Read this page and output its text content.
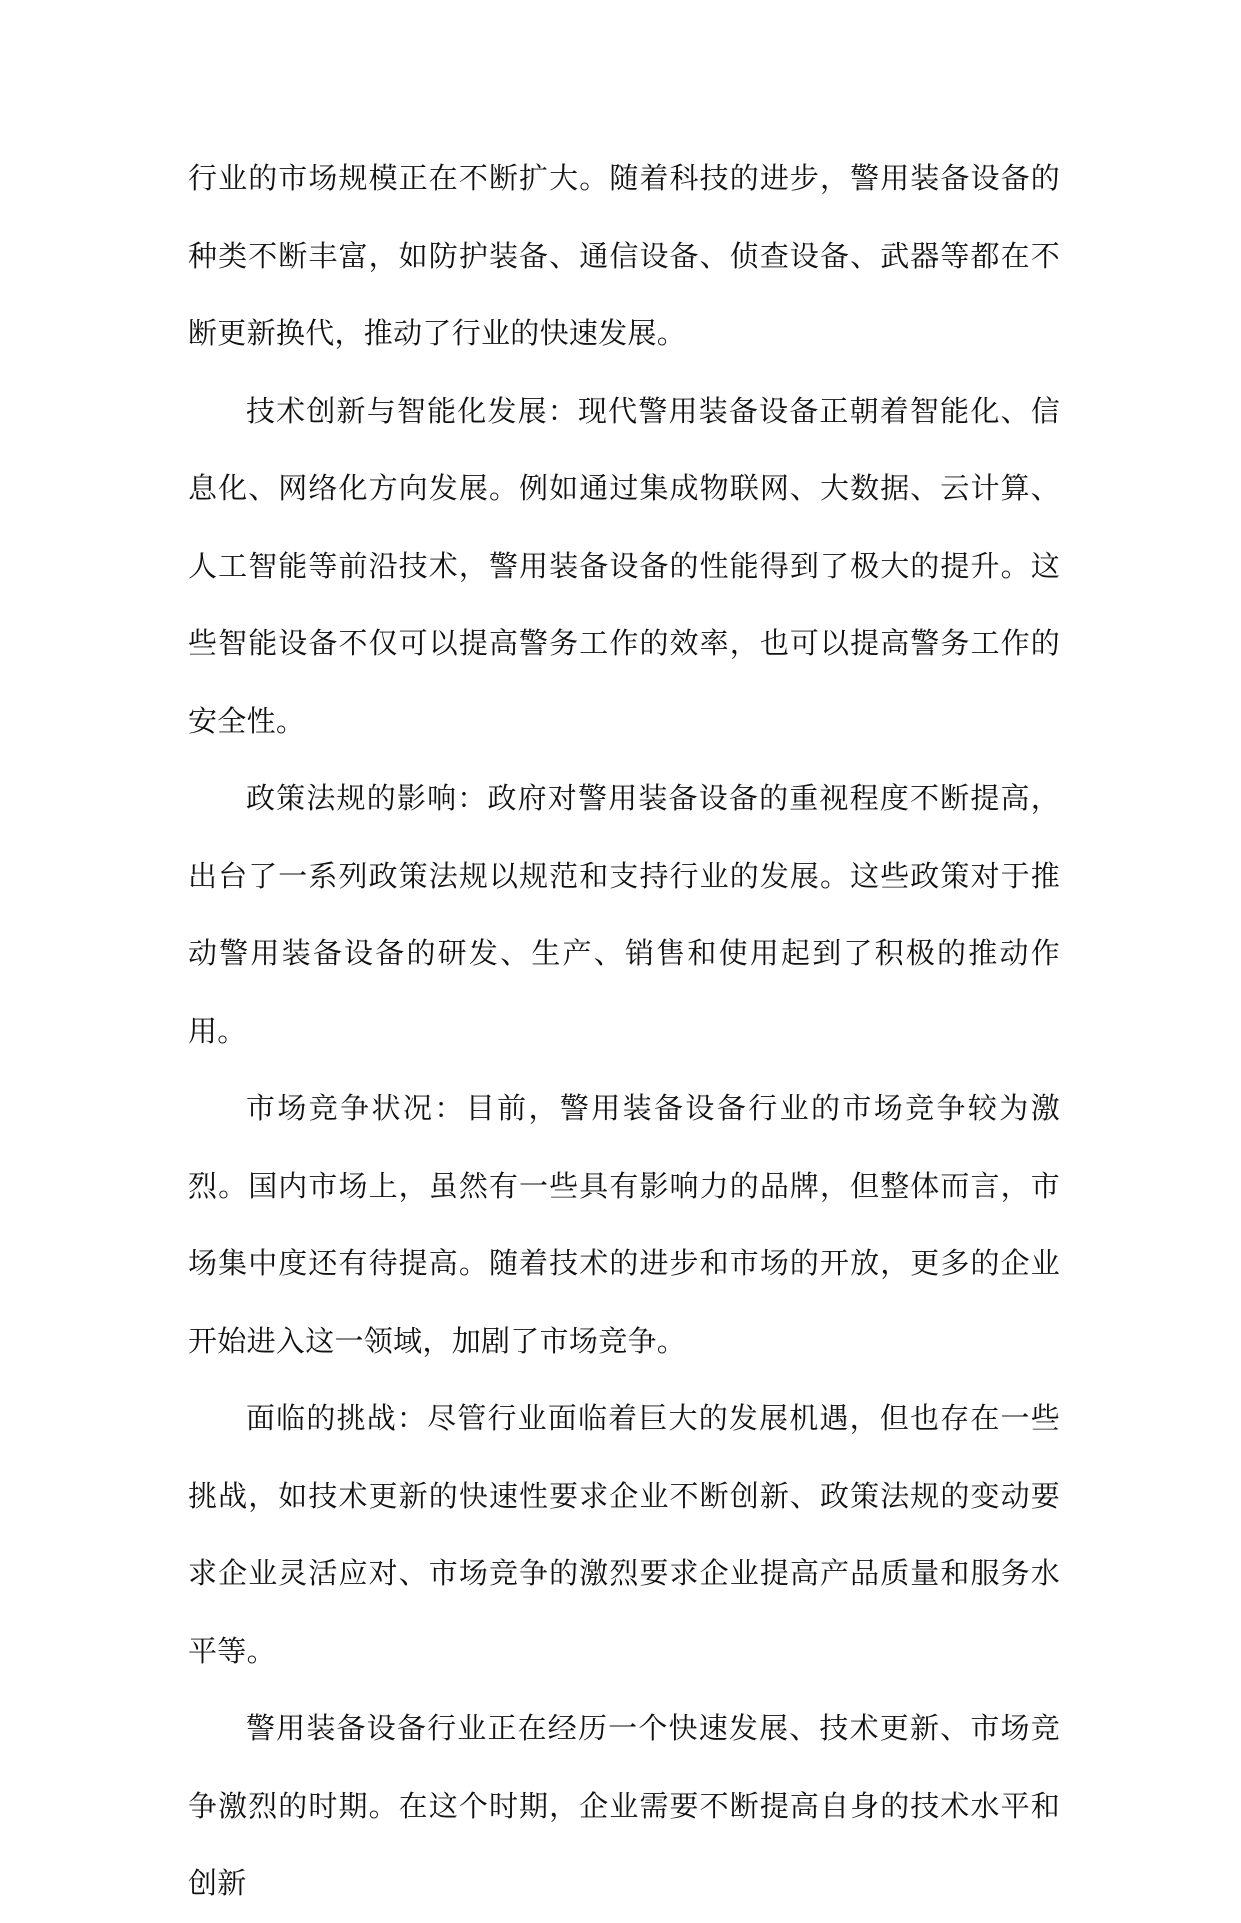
行业的市场规模正在不断扩大。随着科技的进步，警用装备设备的种类不断丰富，如防护装备、通信设备、侦查设备、武器等都在不断更新换代，推动了行业的快速发展。

技术创新与智能化发展：现代警用装备设备正朝着智能化、信息化、网络化方向发展。例如通过集成物联网、大数据、云计算、人工智能等前沿技术，警用装备设备的性能得到了极大的提升。这些智能设备不仅可以提高警务工作的效率，也可以提高警务工作的安全性。

政策法规的影响：政府对警用装备设备的重视程度不断提高，出台了一系列政策法规以规范和支持行业的发展。这些政策对于推动警用装备设备的研发、生产、销售和使用起到了积极的推动作用。

市场竞争状况：目前，警用装备设备行业的市场竞争较为激烈。国内市场上，虽然有一些具有影响力的品牌，但整体而言，市场集中度还有待提高。随着技术的进步和市场的开放，更多的企业开始进入这一领域，加剧了市场竞争。

面临的挑战：尽管行业面临着巨大的发展机遇，但也存在一些挑战，如技术更新的快速性要求企业不断创新、政策法规的变动要求企业灵活应对、市场竞争的激烈要求企业提高产品质量和服务水平等。

警用装备设备行业正在经历一个快速发展、技术更新、市场竞争激烈的时期。在这个时期，企业需要不断提高自身的技术水平和创新
